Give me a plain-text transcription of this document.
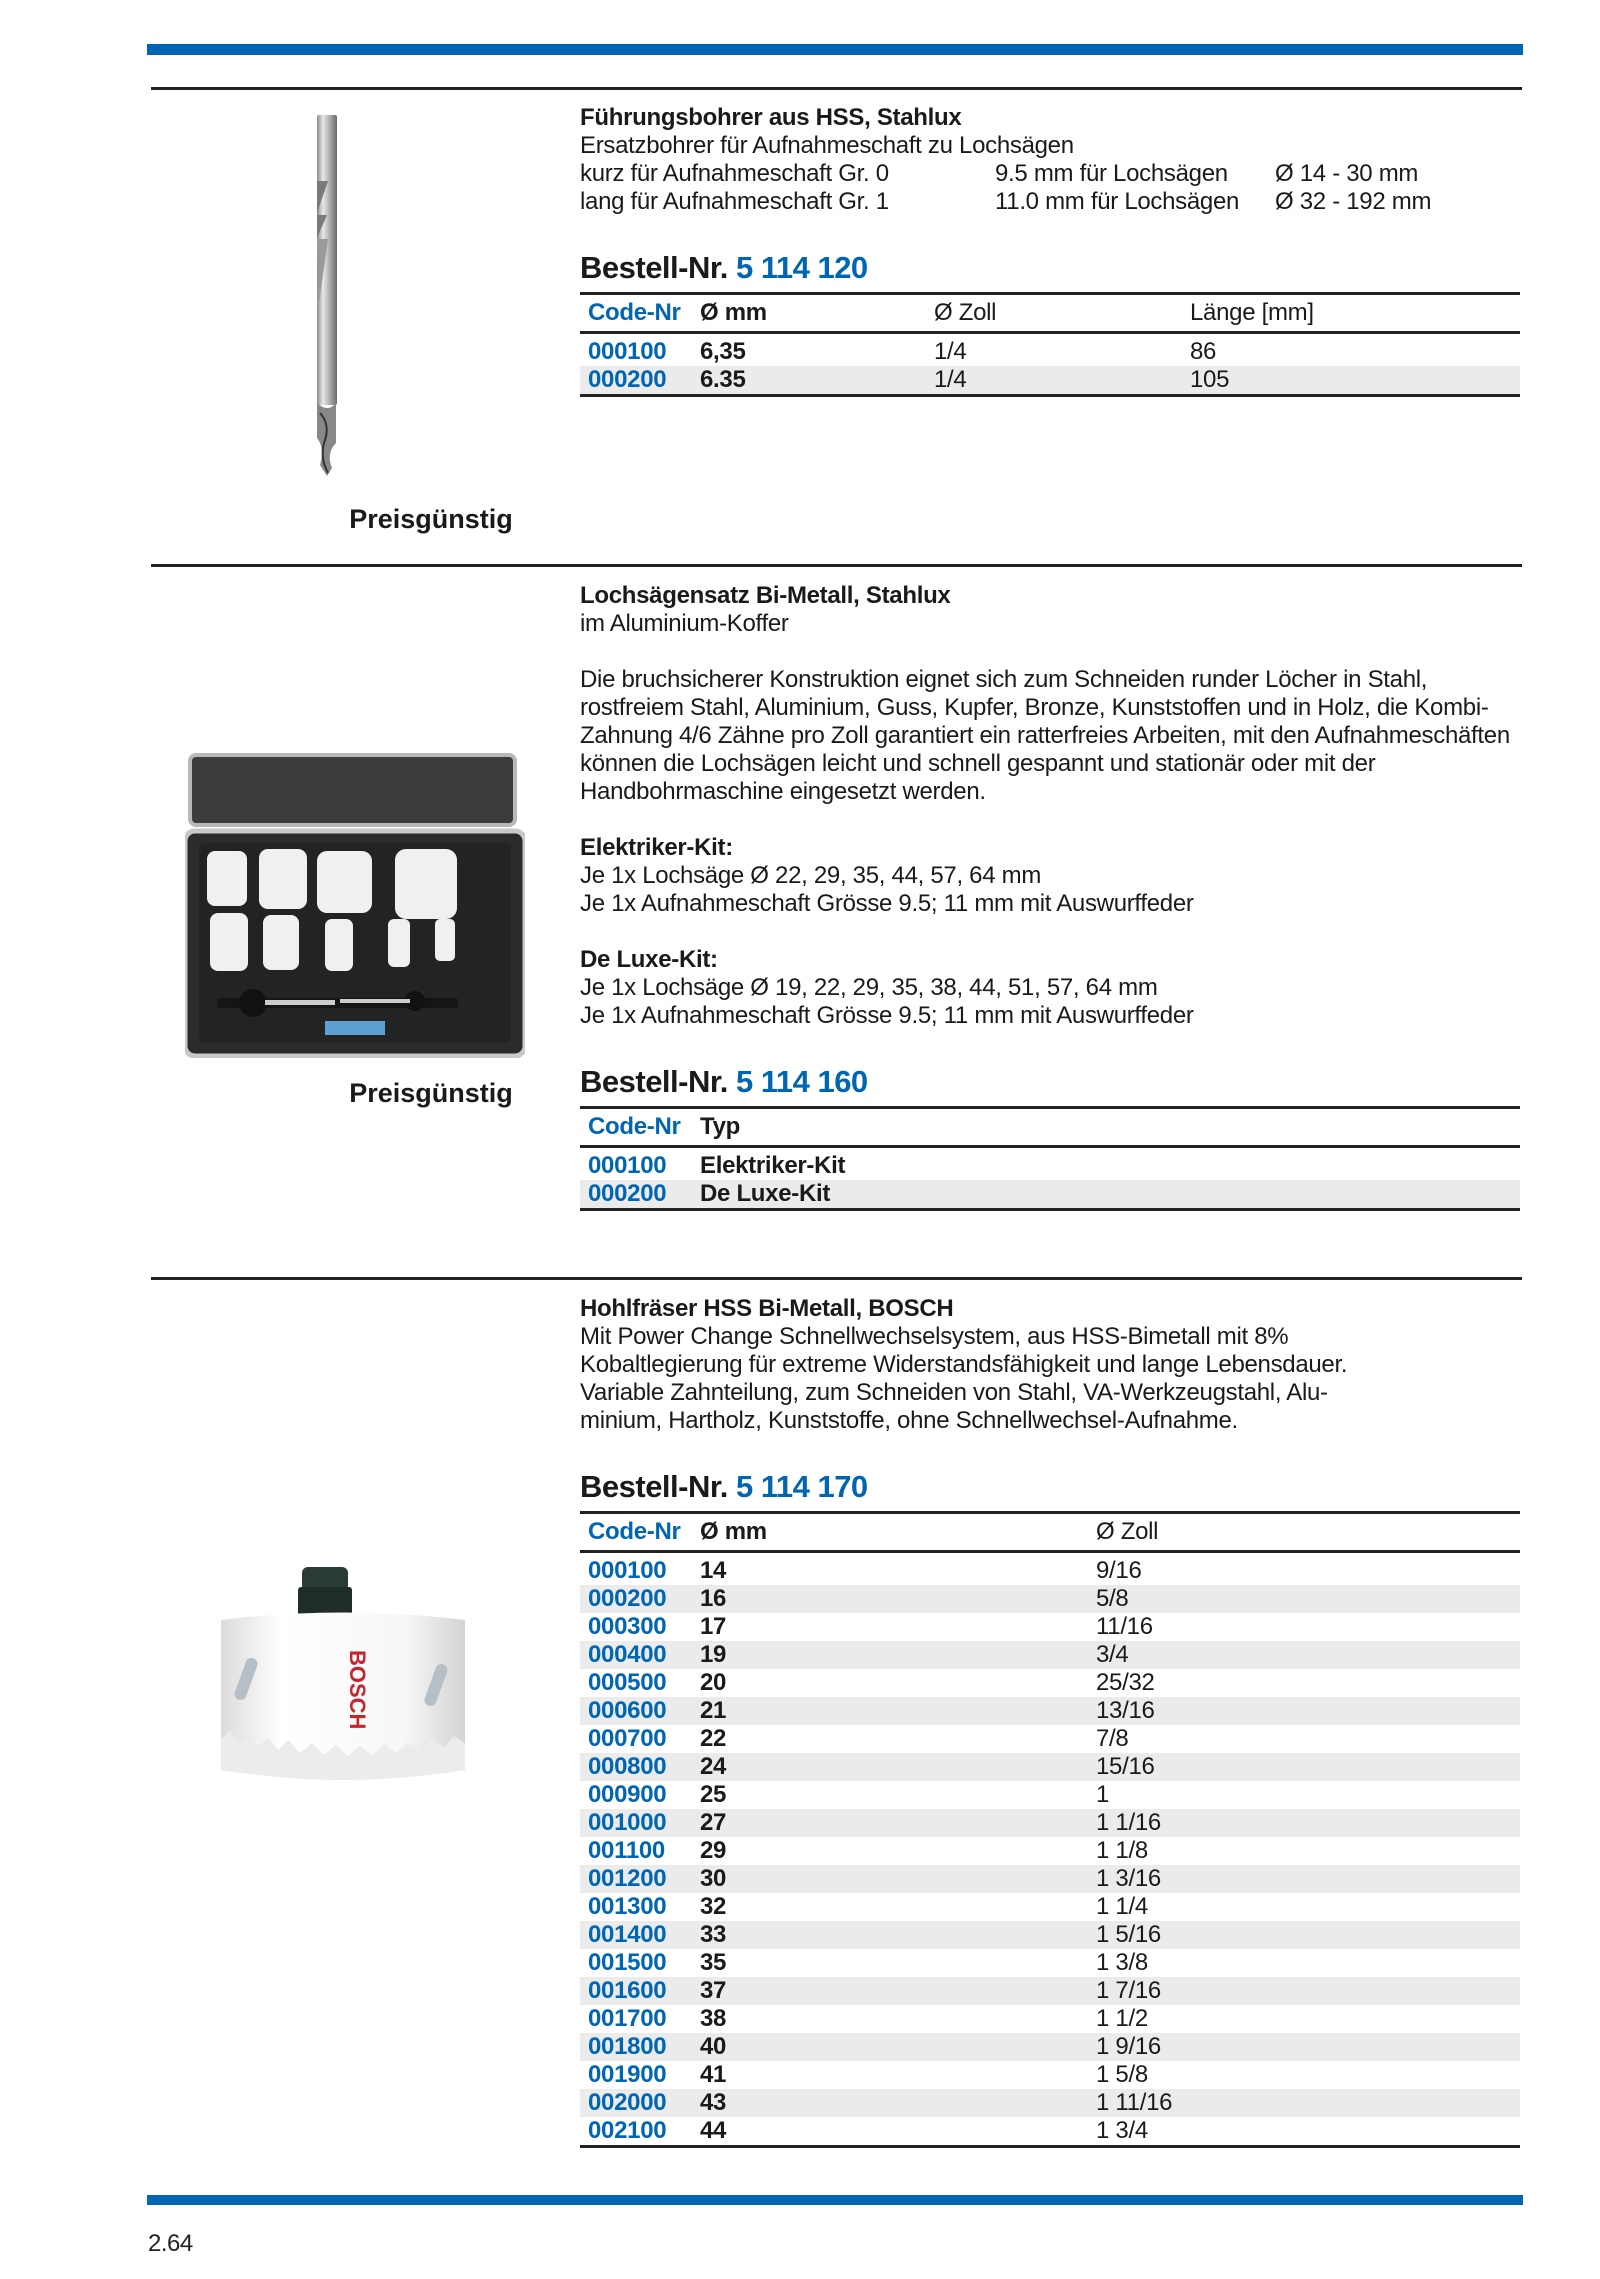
Preisgünstig
Führungsbohrer aus HSS, Stahlux
Ersatzbohrer für Aufnahmeschaft zu Lochsägen
kurz für Aufnahmeschaft Gr. 0	9.5 mm für Lochsägen	Ø 14 - 30 mm
lang für Aufnahmeschaft Gr. 1	11.0 mm für Lochsägen	Ø 32 - 192 mm
Bestell-Nr. 5 114 120
Code-Nr	Ø mm	Ø Zoll	Länge [mm]
000100	6,35	1/4	86
000200	6.35	1/4	105
Preisgünstig
Lochsägensatz Bi-Metall, Stahlux
im Aluminium-Koffer
Die bruchsicherer Konstruktion eignet sich zum Schneiden runder Löcher in Stahl, rostfreiem Stahl, Aluminium, Guss, Kupfer, Bronze, Kunststoffen und in Holz, die Kombi-Zahnung 4/6 Zähne pro Zoll garantiert ein ratterfreies Arbeiten, mit den Aufnahmeschäften können die Lochsägen leicht und schnell gespannt und stationär oder mit der Handbohrmaschine eingesetzt werden.
Elektriker-Kit:
Je 1x Lochsäge Ø 22, 29, 35, 44, 57, 64 mm
Je 1x Aufnahmeschaft Grösse 9.5; 11 mm mit Auswurffeder
De Luxe-Kit:
Je 1x Lochsäge Ø 19, 22, 29, 35, 38, 44, 51, 57, 64 mm
Je 1x Aufnahmeschaft Grösse 9.5; 11 mm mit Auswurffeder
Bestell-Nr. 5 114 160
Code-Nr	Typ
000100	Elektriker-Kit
000200	De Luxe-Kit
BOSCH
Hohlfräser HSS Bi-Metall, BOSCH
Mit Power Change Schnellwechselsystem, aus HSS-Bimetall mit 8%
Kobaltlegierung für extreme Widerstandsfähigkeit und lange Lebensdauer.
Variable Zahnteilung, zum Schneiden von Stahl, VA-Werkzeugstahl, Alu-
minium, Hartholz, Kunststoffe, ohne Schnellwechsel-Aufnahme.
Bestell-Nr. 5 114 170
Code-Nr	Ø mm	Ø Zoll
000100	14	9/16
000200	16	5/8
000300	17	11/16
000400	19	3/4
000500	20	25/32
000600	21	13/16
000700	22	7/8
000800	24	15/16
000900	25	1
001000	27	1 1/16
001100	29	1 1/8
001200	30	1 3/16
001300	32	1 1/4
001400	33	1 5/16
001500	35	1 3/8
001600	37	1 7/16
001700	38	1 1/2
001800	40	1 9/16
001900	41	1 5/8
002000	43	1 11/16
002100	44	1 3/4
2.64
